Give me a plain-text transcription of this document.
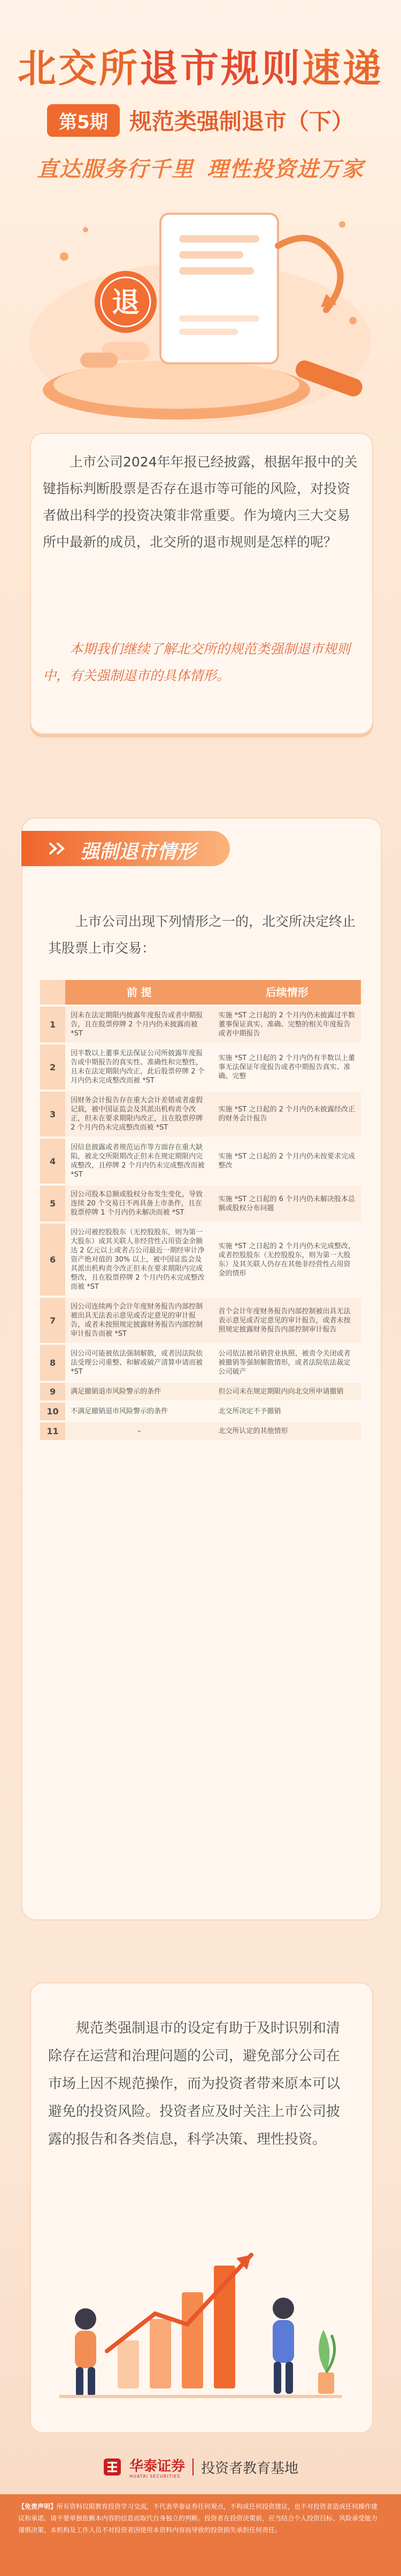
北交所退市规则速递
第5期 规范类强制退市（下）
直达服务行千里 理性投资进万家
退
上市公司2024年年报已经披露，根据年报中的关键指标判断股票是否存在退市等可能的风险，对投资者做出科学的投资决策非常重要。作为境内三大交易所中最新的成员，北交所的退市规则是怎样的呢？
本期我们继续了解北交所的规范类强制退市规则中，有关强制退市的具体情形。
强制退市情形
上市公司出现下列情形之一的，北交所决定终止其股票上市交易：
	前 提	后续情形
1	因未在法定期限内披露年度报告或者中期报告，且在股票停牌 2 个月内仍未披露而被 *ST	实施 *ST 之日起的 2 个月内仍未披露过半数董事保证真实、准确、完整的相关年度报告或者中期报告
2	因半数以上董事无法保证公司所披露年度报告或中期报告的真实性、准确性和完整性，且未在法定期限内改正，此后股票停牌 2 个月内仍未完成整改而被 *ST	实施 *ST 之日起的 2 个月内仍有半数以上董事无法保证年度报告或者中期报告真实、准确、完整
3	因财务会计报告存在重大会计差错或者虚假记载，被中国证监会及其派出机构责令改正，但未在要求期限内改正，且在股票停牌 2 个月内仍未完成整改而被 *ST	实施 *ST 之日起的 2 个月内仍未披露经改正的财务会计报告
4	因信息披露或者规范运作等方面存在重大缺陷，被北交所限期改正但未在规定期限内完成整改，且停牌 2 个月内仍未完成整改而被 *ST	实施 *ST 之日起的 2 个月内仍未按要求完成整改
5	因公司股本总额或股权分布发生变化，导致连续 20 个交易日不再具备上市条件，且在股票停牌 1 个月内仍未解决而被 *ST	实施 *ST 之日起的 6 个月内仍未解决股本总额或股权分布问题
6	因公司被控股股东（无控股股东，则为第一大股东）或其关联人非经营性占用资金余额达 2 亿元以上或者占公司最近一期经审计净资产绝对值的 30% 以上，被中国证监会及其派出机构责令改正但未在要求期限内完成整改，且在股票停牌 2 个月内仍未完成整改而被 *ST	实施 *ST 之日起的 2 个月内仍未完成整改，或者控股股东（无控股股东，则为第一大股东）及其关联人仍存在其他非经营性占用资金的情形
7	因公司连续两个会计年度财务报告内部控制被出具无法表示意见或否定意见的审计报告，或者未按照规定披露财务报告内部控制审计报告而被 *ST	首个会计年度财务报告内部控制被出具无法表示意见或否定意见的审计报告，或者未按照规定披露财务报告内部控制审计报告
8	因公司可能被依法强制解散，或者因法院依法受理公司重整、和解或破产清算申请而被 *ST	公司依法被吊销营业执照、被责令关闭或者被撤销等强制解散情形，或者法院依法裁定公司破产
9	满足撤销退市风险警示的条件	但公司未在规定期限内向北交所申请撤销
10	不满足撤销退市风险警示的条件	北交所决定不予撤销
11	–	北交所认定的其他情形
规范类强制退市的设定有助于及时识别和清除存在运营和治理问题的公司，避免部分公司在市场上因不规范操作，而为投资者带来原本可以避免的投资风险。投资者应及时关注上市公司披露的报告和各类信息，科学决策、理性投资。
华泰证券
HUATAI SECURITIES	投资者教育基地
【免责声明】所有资料仅限教育投资学习交流，不代表华泰证券任何观点，不构成任何投资建议，也不对投资者造成任何操作建议和承诺。请不要单独依赖本内容的信息而取代自身独立的判断。投资者在投资决策前，应当结合个人投资目标、风险承受能力谨慎决策，本机构及工作人员不对投资者因使用本资料内容而导致的投资损失承担任何责任。
